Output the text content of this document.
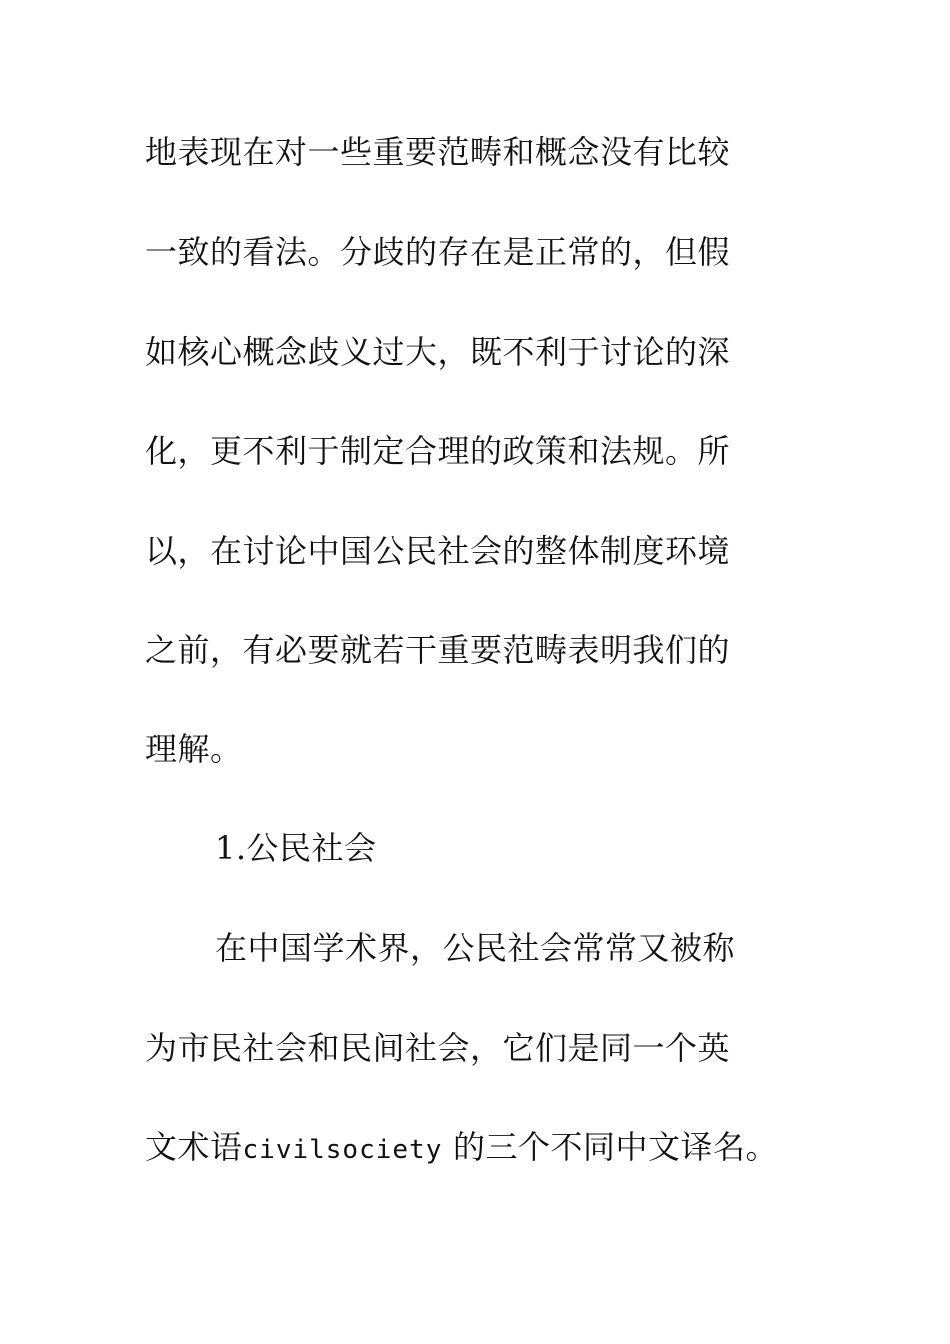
地表现在对一些重要范畴和概念没有比较
一致的看法。分歧的存在是正常的，但假
如核心概念歧义过大，既不利于讨论的深
化，更不利于制定合理的政策和法规。所
以，在讨论中国公民社会的整体制度环境
之前，有必要就若干重要范畴表明我们的
理解。
1.公民社会
在中国学术界，公民社会常常又被称
为市民社会和民间社会，它们是同一个英
文术语civilsociety 的三个不同中文译名。
